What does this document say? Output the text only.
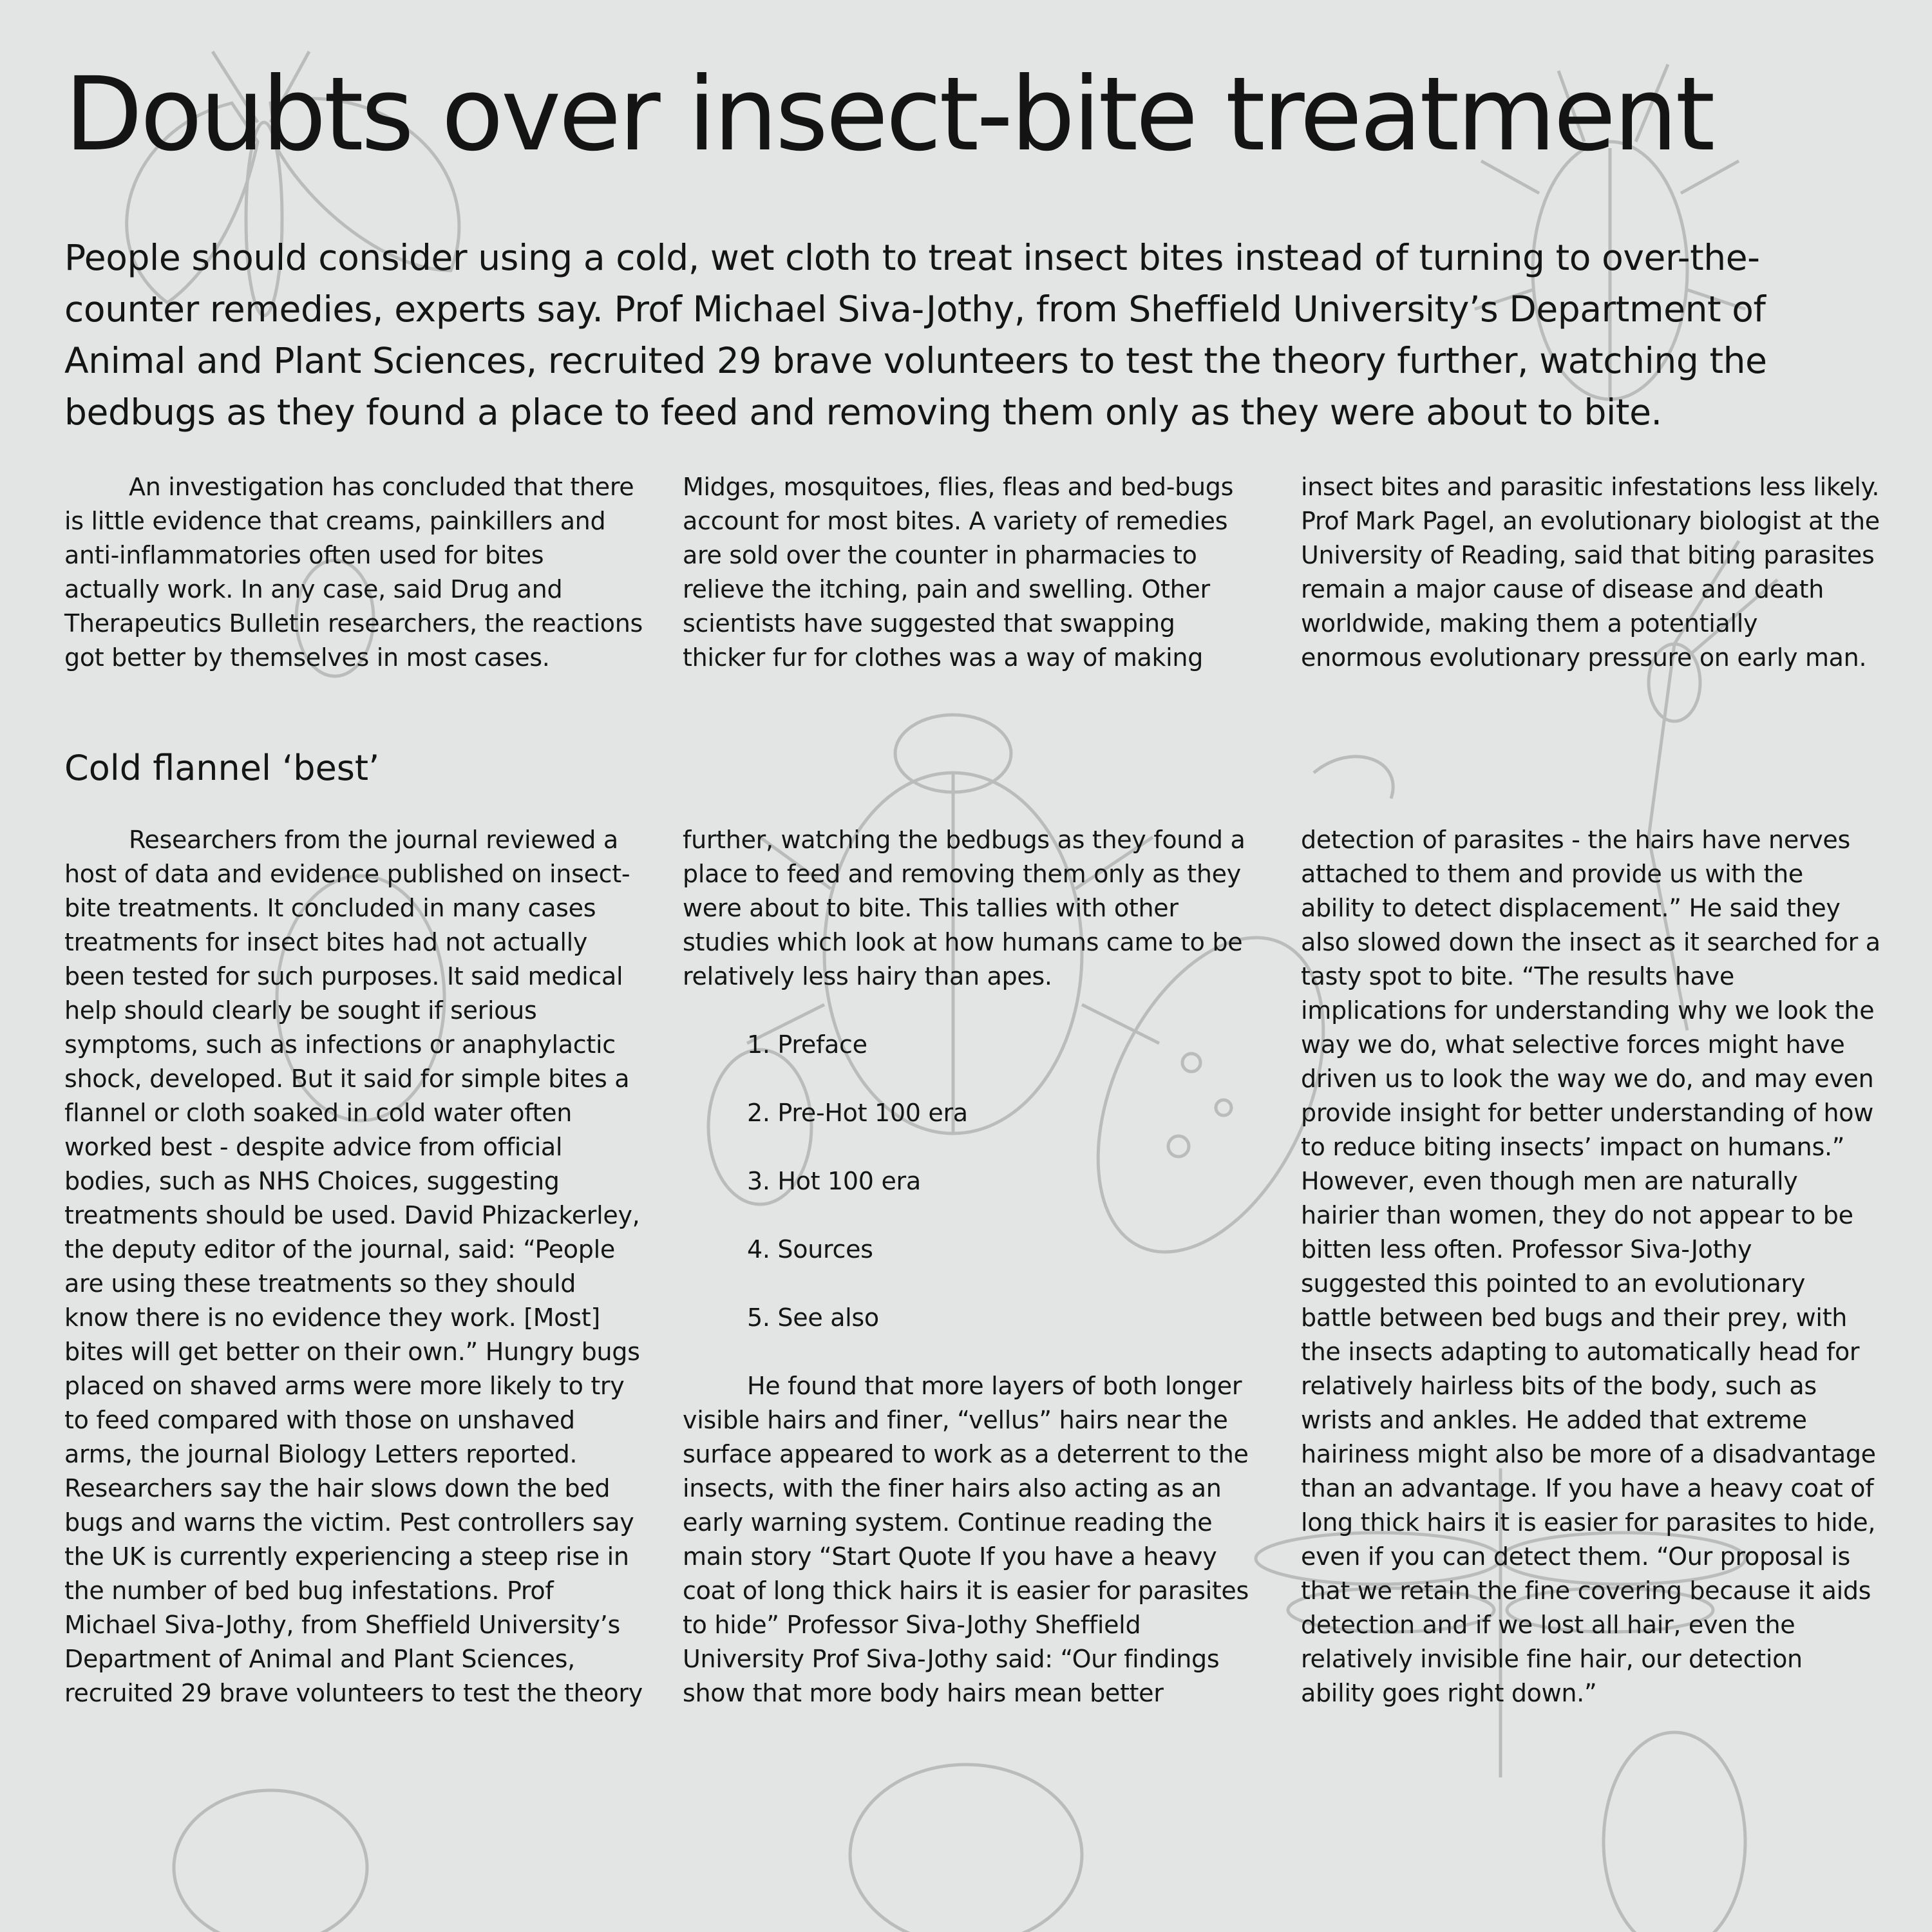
Doubts over insect-bite treatment

People should consider using a cold, wet cloth to treat insect bites instead of turning to over-the-counter remedies, experts say. Prof Michael Siva-Jothy, from Sheffield University’s Department of Animal and Plant Sciences, recruited 29 brave volunteers to test the theory further, watching the bedbugs as they found a place to feed and removing them only as they were about to bite.

An investigation has concluded that there is little evidence that creams, painkillers and anti-inflammatories often used for bites actually work. In any case, said Drug and Therapeutics Bulletin researchers, the reactions got better by themselves in most cases. Midges, mosquitoes, flies, fleas and bed-bugs account for most bites. A variety of remedies are sold over the counter in pharmacies to relieve the itching, pain and swelling. Other scientists have suggested that swapping thicker fur for clothes was a way of making insect bites and parasitic infestations less likely. Prof Mark Pagel, an evolutionary biologist at the University of Reading, said that biting parasites remain a major cause of disease and death worldwide, making them a potentially enormous evolutionary pressure on early man.

Cold flannel ‘best’

Researchers from the journal reviewed a host of data and evidence published on insect-bite treatments. It concluded in many cases treatments for insect bites had not actually been tested for such purposes. It said medical help should clearly be sought if serious symptoms, such as infections or anaphylactic shock, developed. But it said for simple bites a flannel or cloth soaked in cold water often worked best - despite advice from official bodies, such as NHS Choices, suggesting treatments should be used. David Phizackerley, the deputy editor of the journal, said: “People are using these treatments so they should know there is no evidence they work. [Most] bites will get better on their own.” Hungry bugs placed on shaved arms were more likely to try to feed compared with those on unshaved arms, the journal Biology Letters reported. Researchers say the hair slows down the bed bugs and warns the victim. Pest controllers say the UK is currently experiencing a steep rise in the number of bed bug infestations. Prof Michael Siva-Jothy, from Sheffield University’s Department of Animal and Plant Sciences, recruited 29 brave volunteers to test the theory further, watching the bedbugs as they found a place to feed and removing them only as they were about to bite. This tallies with other studies which look at how humans came to be relatively less hairy than apes.

1. Preface
2. Pre-Hot 100 era
3. Hot 100 era
4. Sources
5. See also

He found that more layers of both longer visible hairs and finer, “vellus” hairs near the surface appeared to work as a deterrent to the insects, with the finer hairs also acting as an early warning system. Continue reading the main story “Start Quote If you have a heavy coat of long thick hairs it is easier for parasites to hide” Professor Siva-Jothy Sheffield University Prof Siva-Jothy said: “Our findings show that more body hairs mean better detection of parasites - the hairs have nerves attached to them and provide us with the ability to detect displacement.” He said they also slowed down the insect as it searched for a tasty spot to bite. “The results have implications for understanding why we look the way we do, what selective forces might have driven us to look the way we do, and may even provide insight for better understanding of how to reduce biting insects’ impact on humans.” However, even though men are naturally hairier than women, they do not appear to be bitten less often. Professor Siva-Jothy suggested this pointed to an evolutionary battle between bed bugs and their prey, with the insects adapting to automatically head for relatively hairless bits of the body, such as wrists and ankles. He added that extreme hairiness might also be more of a disadvantage than an advantage. If you have a heavy coat of long thick hairs it is easier for parasites to hide, even if you can detect them. “Our proposal is that we retain the fine covering because it aids detection and if we lost all hair, even the relatively invisible fine hair, our detection ability goes right down.”
